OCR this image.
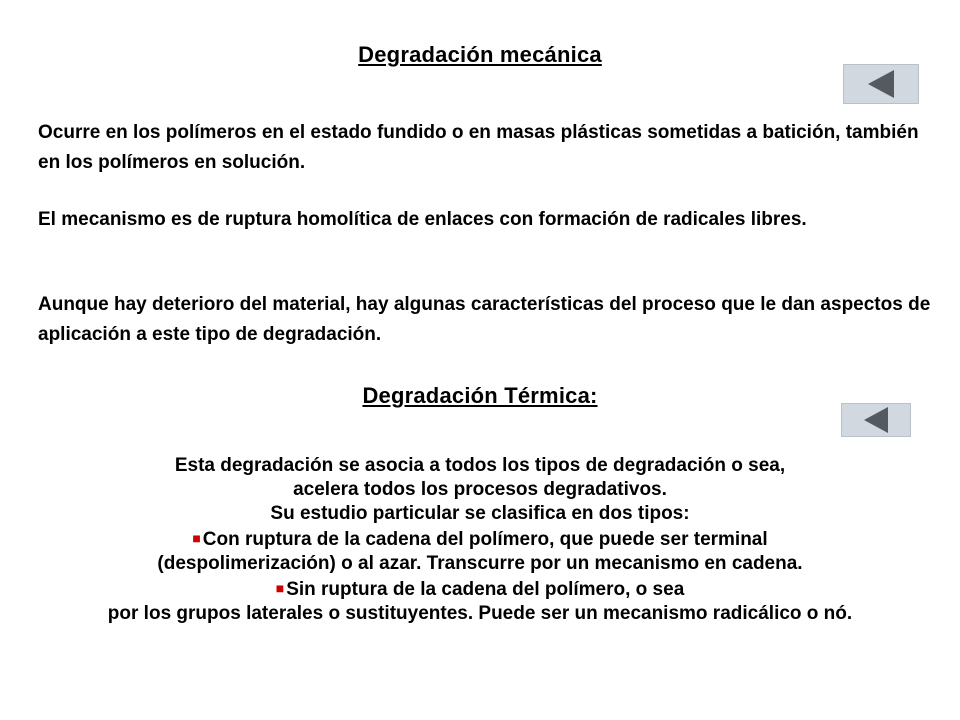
Degradación mecánica

Ocurre en los polímeros en el estado fundido o en masas plásticas sometidas a batición, también en los polímeros en solución.

El mecanismo es de ruptura homolítica de enlaces con formación de radicales libres.

Aunque hay deterioro del material, hay algunas características del proceso que le dan aspectos de aplicación a este tipo de degradación.

Degradación Térmica:

Esta degradación se asocia a todos los tipos de degradación o sea,

acelera todos los procesos degradativos.

Su estudio particular se clasifica en dos tipos:

■ Con ruptura de la cadena del polímero, que puede ser terminal

(despolimerización) o al azar. Transcurre por un mecanismo en cadena.

■ Sin ruptura de la cadena del polímero, o sea

por los grupos laterales o sustituyentes. Puede ser un mecanismo radicálico o nó.
